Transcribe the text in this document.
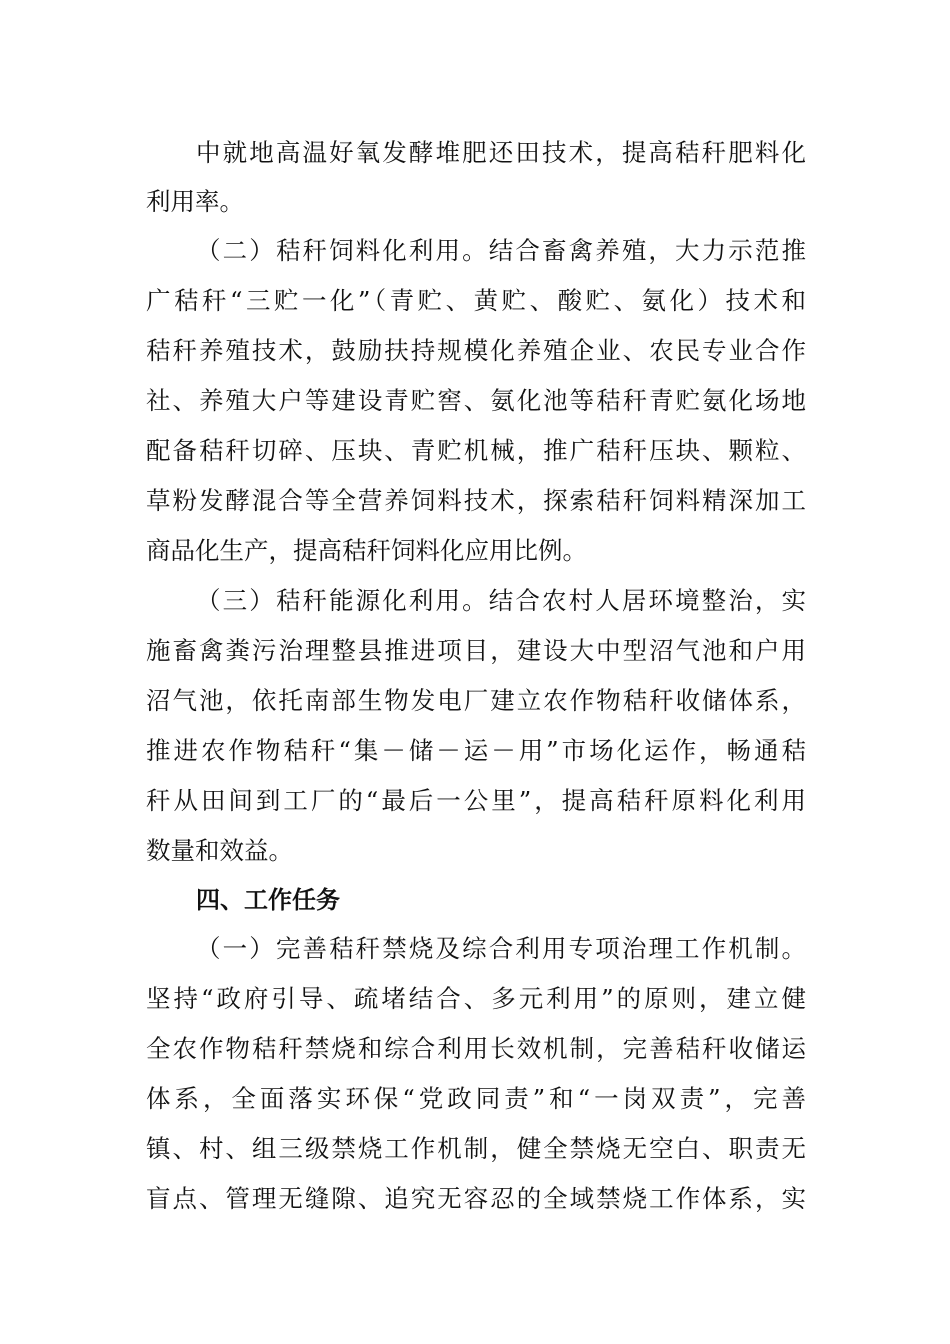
中就地高温好氧发酵堆肥还田技术，提高秸秆肥料化
利用率。
（二）秸秆饲料化利用。结合畜禽养殖，大力示范推
广秸秆“三贮一化”（青贮、黄贮、酸贮、氨化）技术和
秸秆养殖技术，鼓励扶持规模化养殖企业、农民专业合作
社、养殖大户等建设青贮窖、氨化池等秸秆青贮氨化场地
配备秸秆切碎、压块、青贮机械，推广秸秆压块、颗粒、
草粉发酵混合等全营养饲料技术，探索秸秆饲料精深加工
商品化生产，提高秸秆饲料化应用比例。
（三）秸秆能源化利用。结合农村人居环境整治，实
施畜禽粪污治理整县推进项目，建设大中型沼气池和户用
沼气池，依托南部生物发电厂建立农作物秸秆收储体系，
推进农作物秸秆“集－储－运－用”市场化运作，畅通秸
秆从田间到工厂的“最后一公里”，提高秸秆原料化利用
数量和效益。
四、工作任务
（一）完善秸秆禁烧及综合利用专项治理工作机制。
坚持“政府引导、疏堵结合、多元利用”的原则，建立健
全农作物秸秆禁烧和综合利用长效机制，完善秸秆收储运
体系，全面落实环保“党政同责”和“一岗双责”，完善
镇、村、组三级禁烧工作机制，健全禁烧无空白、职责无
盲点、管理无缝隙、追究无容忍的全域禁烧工作体系，实
